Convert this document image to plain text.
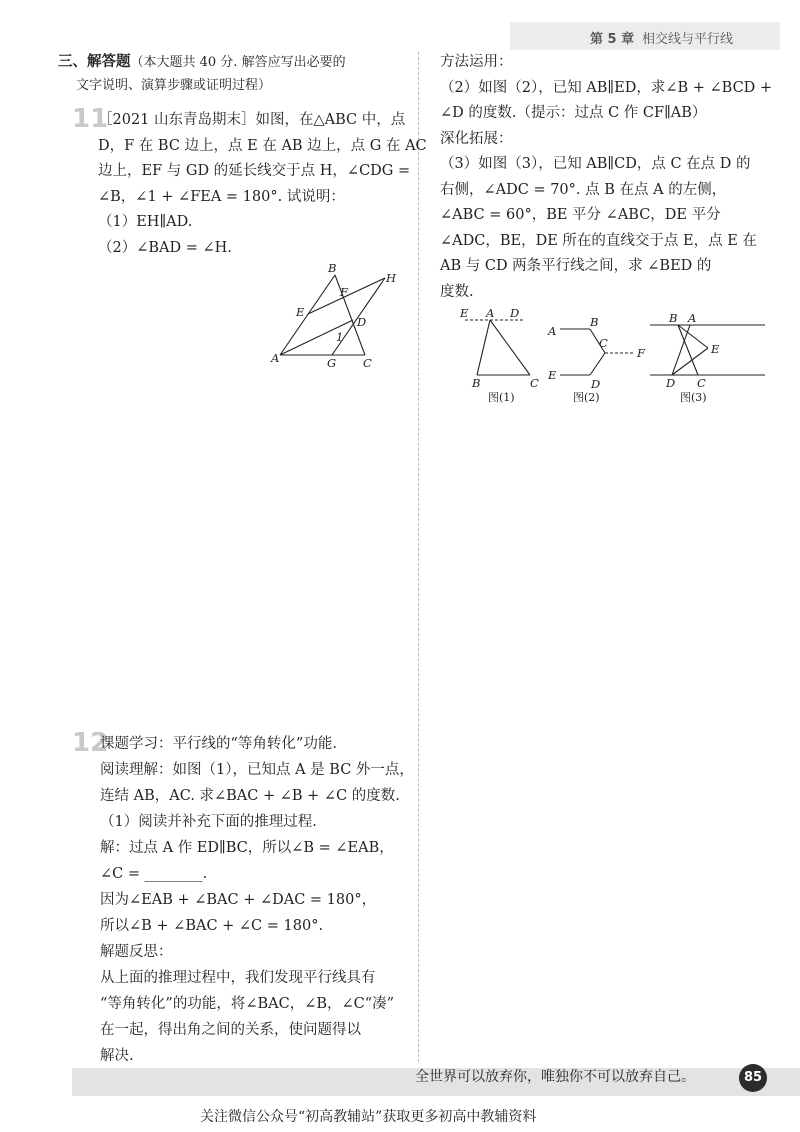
第 5 章 相交线与平行线
三、解答题（本大题共 40 分. 解答应写出必要的
文字说明、演算步骤或证明过程）
11
［2021 山东青岛期末］如图，在△ABC 中，点
D，F 在 BC 边上，点 E 在 AB 边上，点 G 在 AC
边上，EF 与 GD 的延长线交于点 H，∠CDG =
∠B，∠1 + ∠FEA = 180°. 试说明：
（1）EH∥AD.
（2）∠BAD = ∠H.
B
H
F
E
D
1
A	G C
方法运用：
（2）如图（2），已知 AB∥ED，求∠B + ∠BCD +
∠D 的度数.（提示：过点 C 作 CF∥AB）
深化拓展：
（3）如图（3），已知 AB∥CD，点 C 在点 D 的
右侧，∠ADC = 70°. 点 B 在点 A 的左侧，
∠ABC = 60°，BE 平分 ∠ABC，DE 平分
∠ADC，BE，DE 所在的直线交于点 E，点 E 在
AB 与 CD 两条平行线之间，求 ∠BED 的
度数.
E A D
B	C
图(1)
A
B
C
F
E
D
图(2)
B A
E
D C
图(3)
12
课题学习：平行线的“等角转化”功能.
阅读理解：如图（1），已知点 A 是 BC 外一点，
连结 AB，AC. 求∠BAC + ∠B + ∠C 的度数.
（1）阅读并补充下面的推理过程.
解：过点 A 作 ED∥BC，所以∠B = ∠EAB，
∠C = ________.
因为∠EAB + ∠BAC + ∠DAC = 180°，
所以∠B + ∠BAC + ∠C = 180°.
解题反思：
从上面的推理过程中，我们发现平行线具有
“等角转化”的功能，将∠BAC，∠B，∠C“凑”
在一起，得出角之间的关系，使问题得以
解决.
全世界可以放弃你，唯独你不可以放弃自己。	85
关注微信公众号“初高教辅站”获取更多初高中教辅资料
